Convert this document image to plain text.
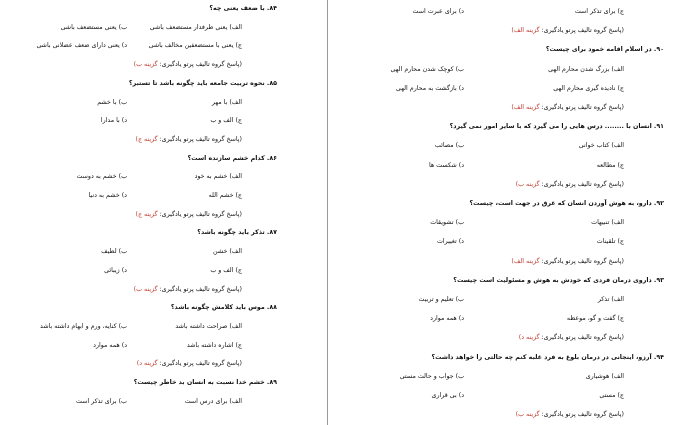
۸۴. با ضعف یعنی چه؟
الف) یعنی طرفدار مستضعف باشی
ب) یعنی مستضعف باشی
ج) یعنی با مستضعفین مخالف باشی
د) یعنی دارای ضعف عضلانی باشی
(پاسخ گروه تالیف پرتو یادگیری: گزینه ب)
۸۵. نحوه تربیت جامعه باید چگونه باشد تا تستبر؟
الف) با مهر
ب) با خشم
ج) الف و ب
د) با مدارا
(پاسخ گروه تالیف پرتو یادگیری: گزینه ج)
۸۶. کدام خشم سازنده است؟
الف) خشم به خود
ب) خشم به دوست
ج) خشم الله
د) خشم به دنیا
(پاسخ گروه تالیف پرتو یادگیری: گزینه ج)
۸۷. تذکر باید چگونه باشد؟
الف) خشن
ب) لطیف
ج) الف و ب
د) زیبائی
(پاسخ گروه تالیف پرتو یادگیری: گزینه ب)
۸۸. موس باید کلامش چگونه باشد؟
الف) صراحت داشته باشد
ب) کنایه، ورم و ابهام داشته باشد
ج) اشاره داشته باشد
د) همه موارد
(پاسخ گروه تالیف پرتو یادگیری: گزینه د)
۸۹. خشم خدا نسبت به انسان بد خاطر چیست؟
الف) برای درس است
ب) برای تذکر است
ج) برای تذکر است
د) برای عبرت است
(پاسخ گروه تالیف پرتو یادگیری: گزینه الف)
۹۰. در اسلام اقامه خمود برای چیست؟
الف) بزرگ شدن محارم الهی
ب) کوچک شدن محارم الهی
ج) نادیده گیری محارم الهی
د) بازگشت به محارم الهی
(پاسخ گروه تالیف پرتو یادگیری: گزینه الف)
۹۱. انسان با ........ درس هایی را می گیرد که با سایر امور نمی گیرد؟
الف) کتاب خوانی
ب) مصائب
ج) مطالعه
د) شکست ها
(پاسخ گروه تالیف پرتو یادگیری: گزینه ب)
۹۲. دارو، به هوش آوردن انسان که غرق در جهت است، چیست؟
الف) تنبیهات
ب) تشویقات
ج) تلقینات
د) تغییرات
(پاسخ گروه تالیف پرتو یادگیری: گزینه الف)
۹۳. داروی درمان فردی که خودش به هوش و مسئولیت است چیست؟
الف) تذکر
ب) تعلیم و تربیت
ج) گفت و گو، موعظه
د) همه موارد
(پاسخ گروه تالیف پرتو یادگیری: گزینه د)
۹۴. آرزو، اینجانی در درمان بلوغ به فرد غلبه کنم چه حالتی را خواهد داشت؟
الف) هوشیاری
ب) جواب و حالت مستی
ج) مستی
د) بی قراری
(پاسخ گروه تالیف پرتو یادگیری: گزینه ب)
